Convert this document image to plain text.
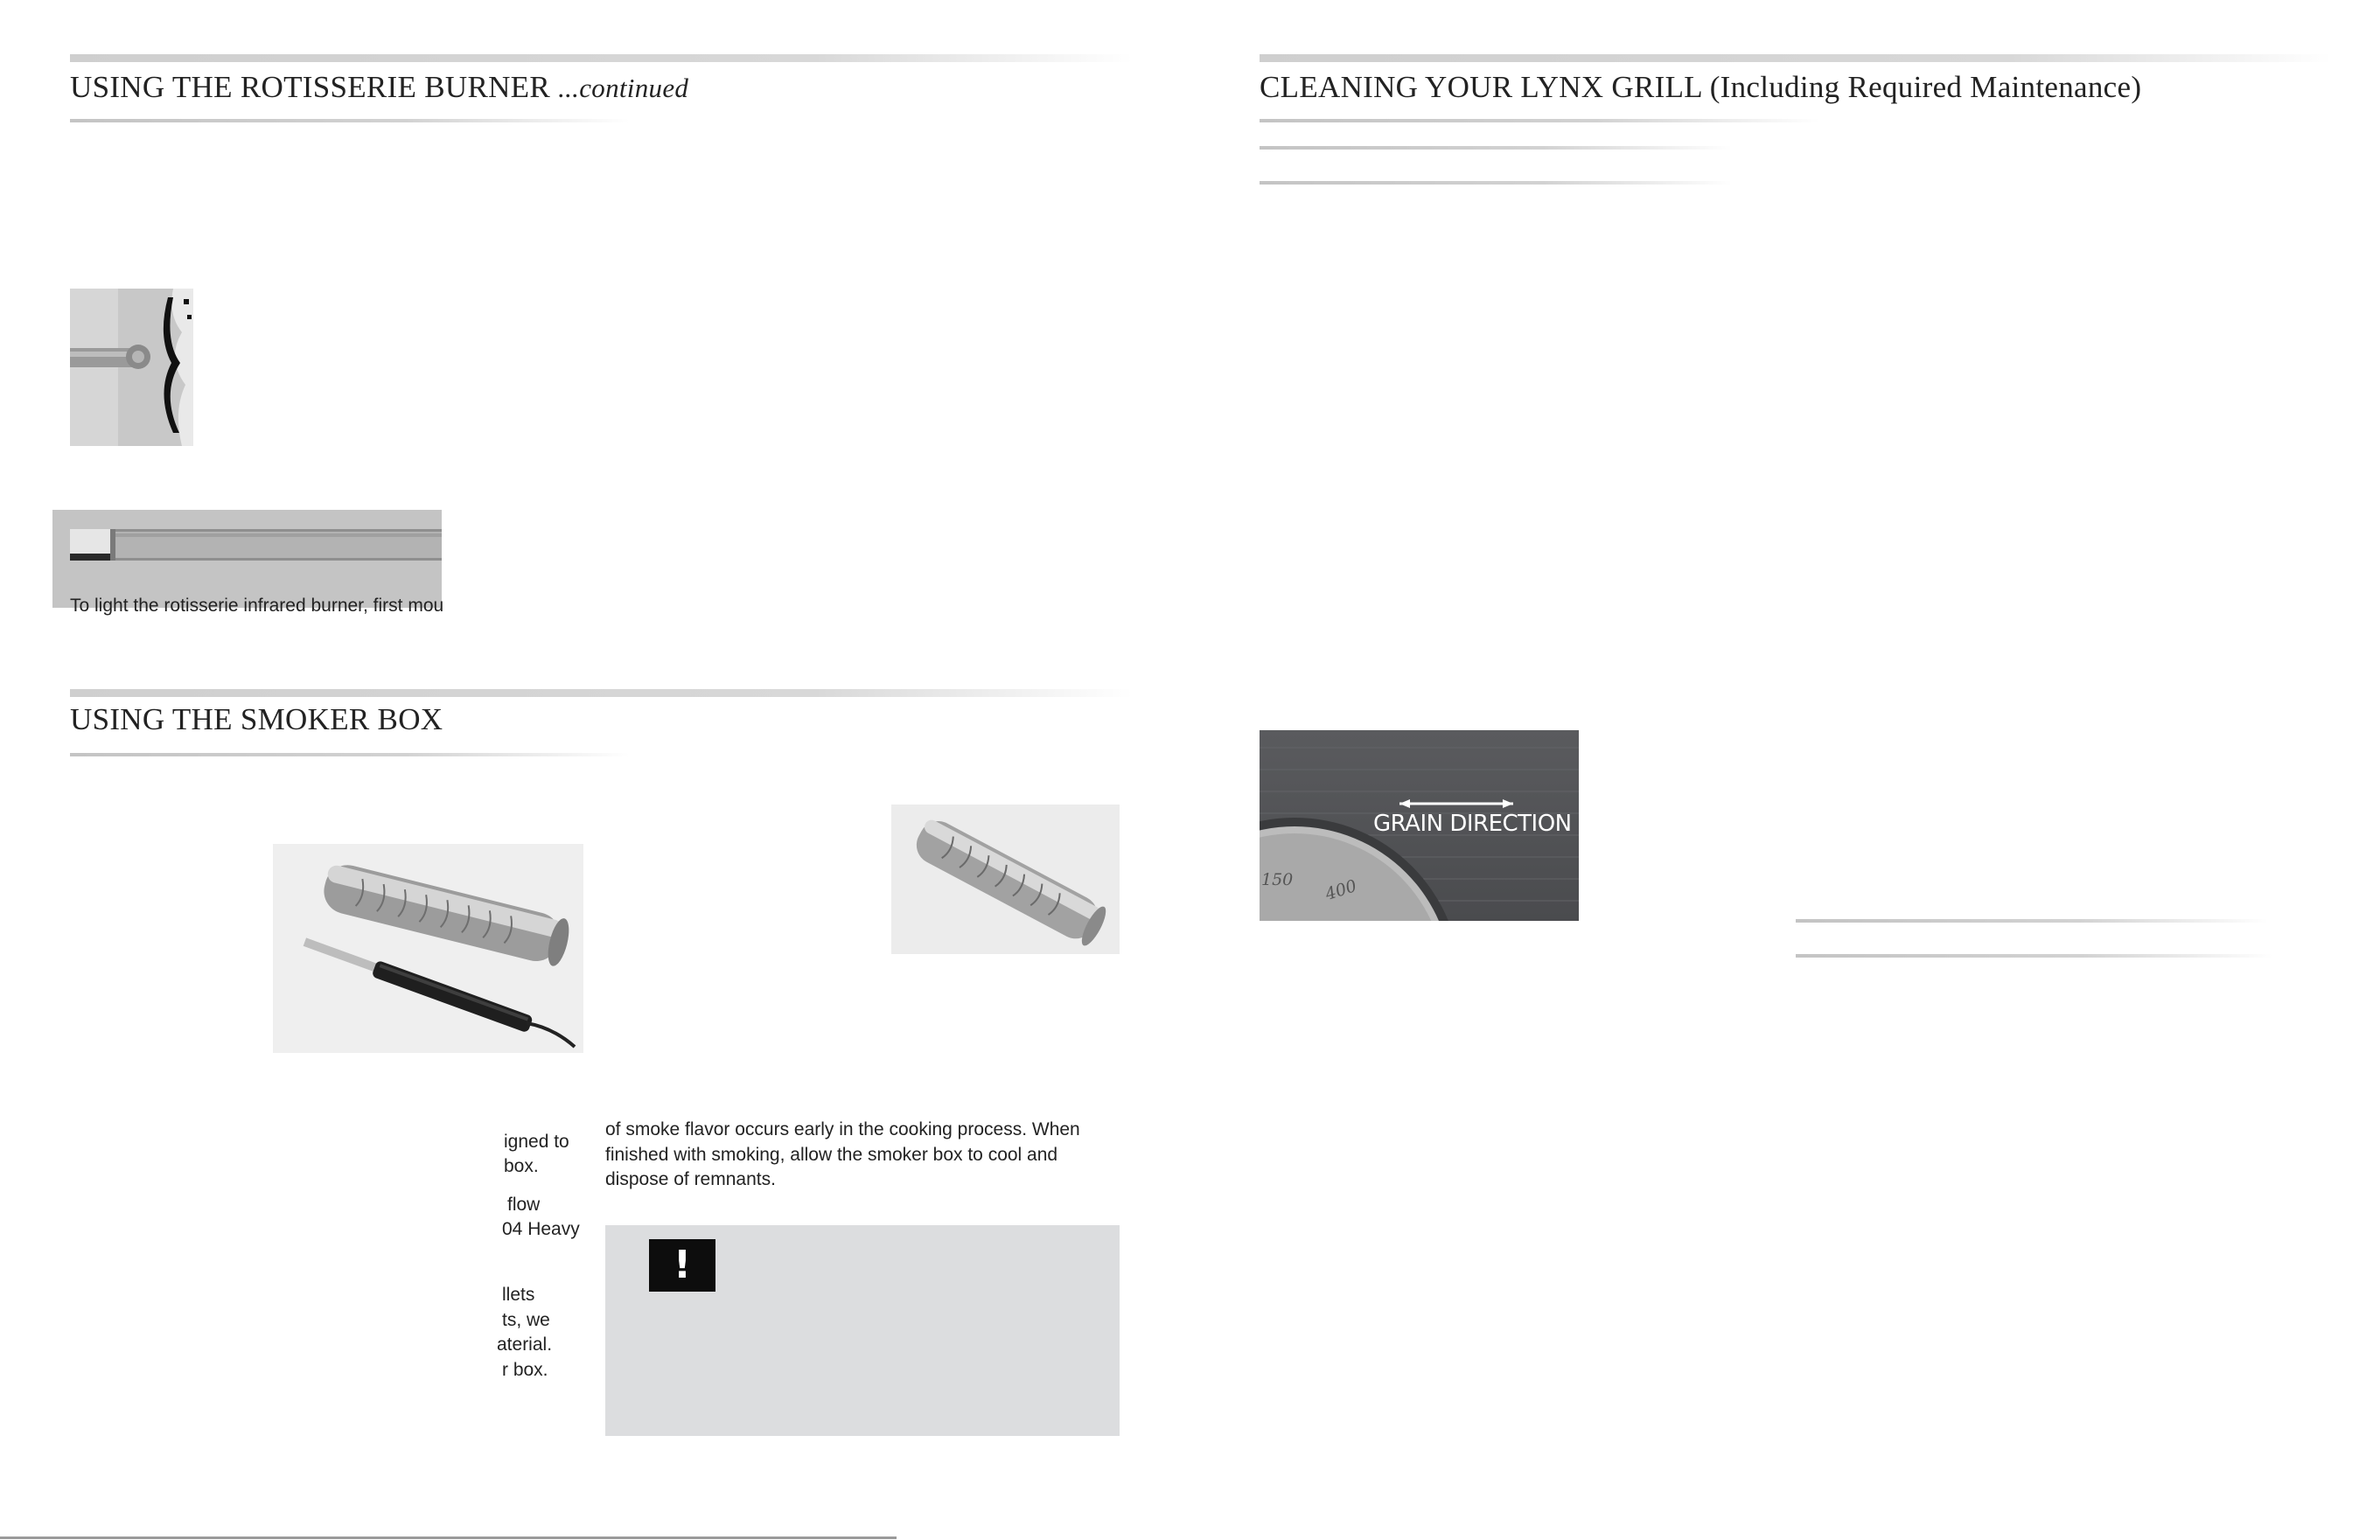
USING THE ROTISSERIE BURNER ...continued
To light the rotisserie infrared burner, first mou
USING THE SMOKER BOX
igned to
box.
flow
04 Heavy
llets
ts, we
aterial.
r box.
of smoke flavor occurs early in the cooking process. When
finished with smoking, allow the smoker box to cool and
dispose of remnants.
!
CLEANING YOUR LYNX GRILL (Including Required Maintenance)
GRAIN DIRECTION
150 400
